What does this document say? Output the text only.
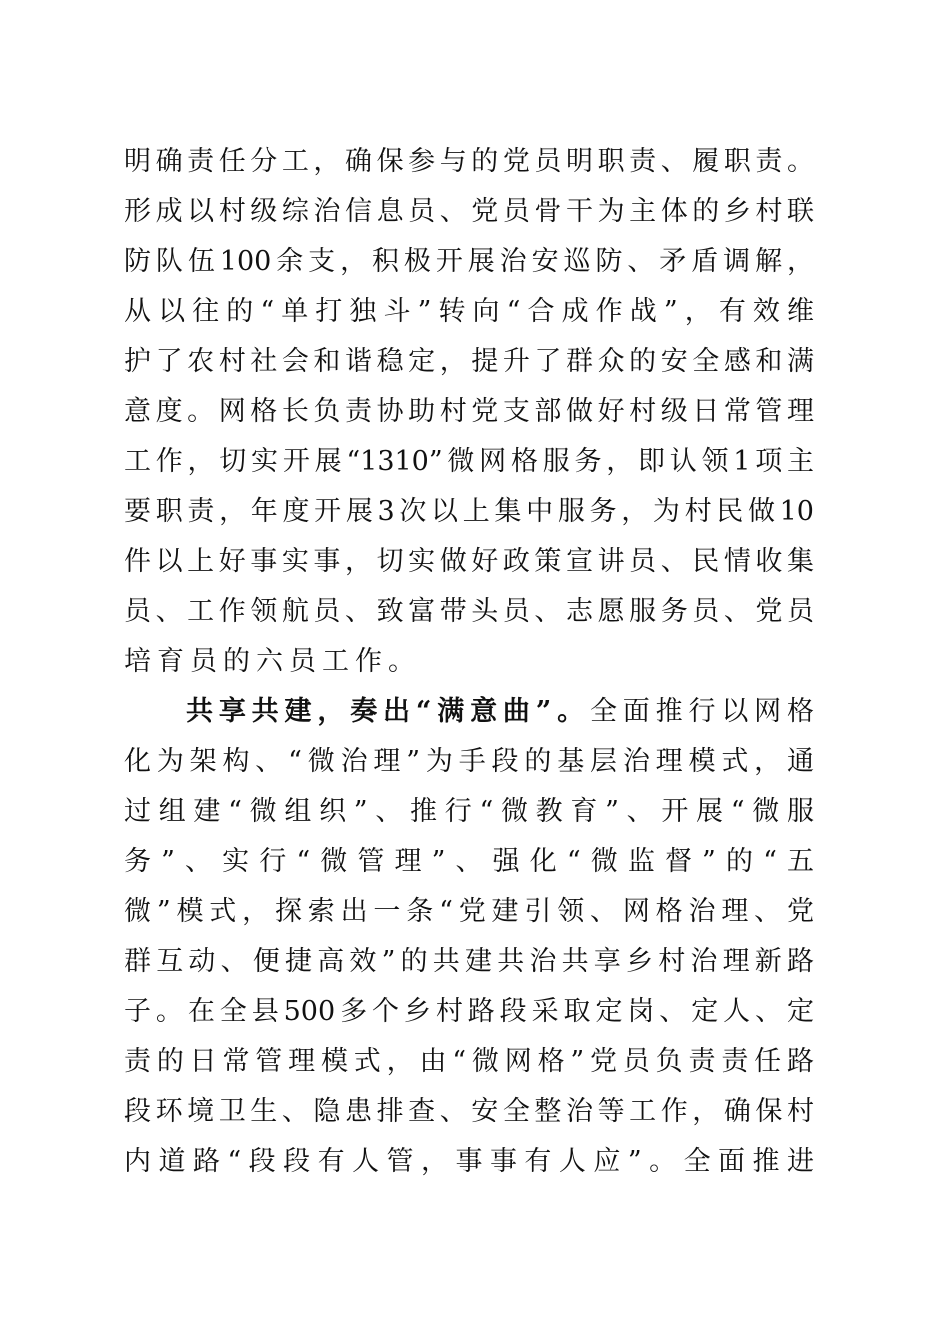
明确责任分工，确保参与的党员明职责、履职责。
形成以村级综治信息员、党员骨干为主体的乡村联
防队伍100余支，积极开展治安巡防、矛盾调解，
从以往的“单打独斗”转向“合成作战”，有效维
护了农村社会和谐稳定，提升了群众的安全感和满
意度。网格长负责协助村党支部做好村级日常管理
工作，切实开展“1310”微网格服务，即认领1项主
要职责，年度开展3次以上集中服务，为村民做10
件以上好事实事，切实做好政策宣讲员、民情收集
员、工作领航员、致富带头员、志愿服务员、党员
培育员的六员工作。
共享共建，奏出“满意曲”。全面推行以网格
化为架构、“微治理”为手段的基层治理模式，通
过组建“微组织”、推行“微教育”、开展“微服
务”、实行“微管理”、强化“微监督”的“五
微”模式，探索出一条“党建引领、网格治理、党
群互动、便捷高效”的共建共治共享乡村治理新路
子。在全县500多个乡村路段采取定岗、定人、定
责的日常管理模式，由“微网格”党员负责责任路
段环境卫生、隐患排查、安全整治等工作，确保村
内道路“段段有人管，事事有人应”。全面推进
